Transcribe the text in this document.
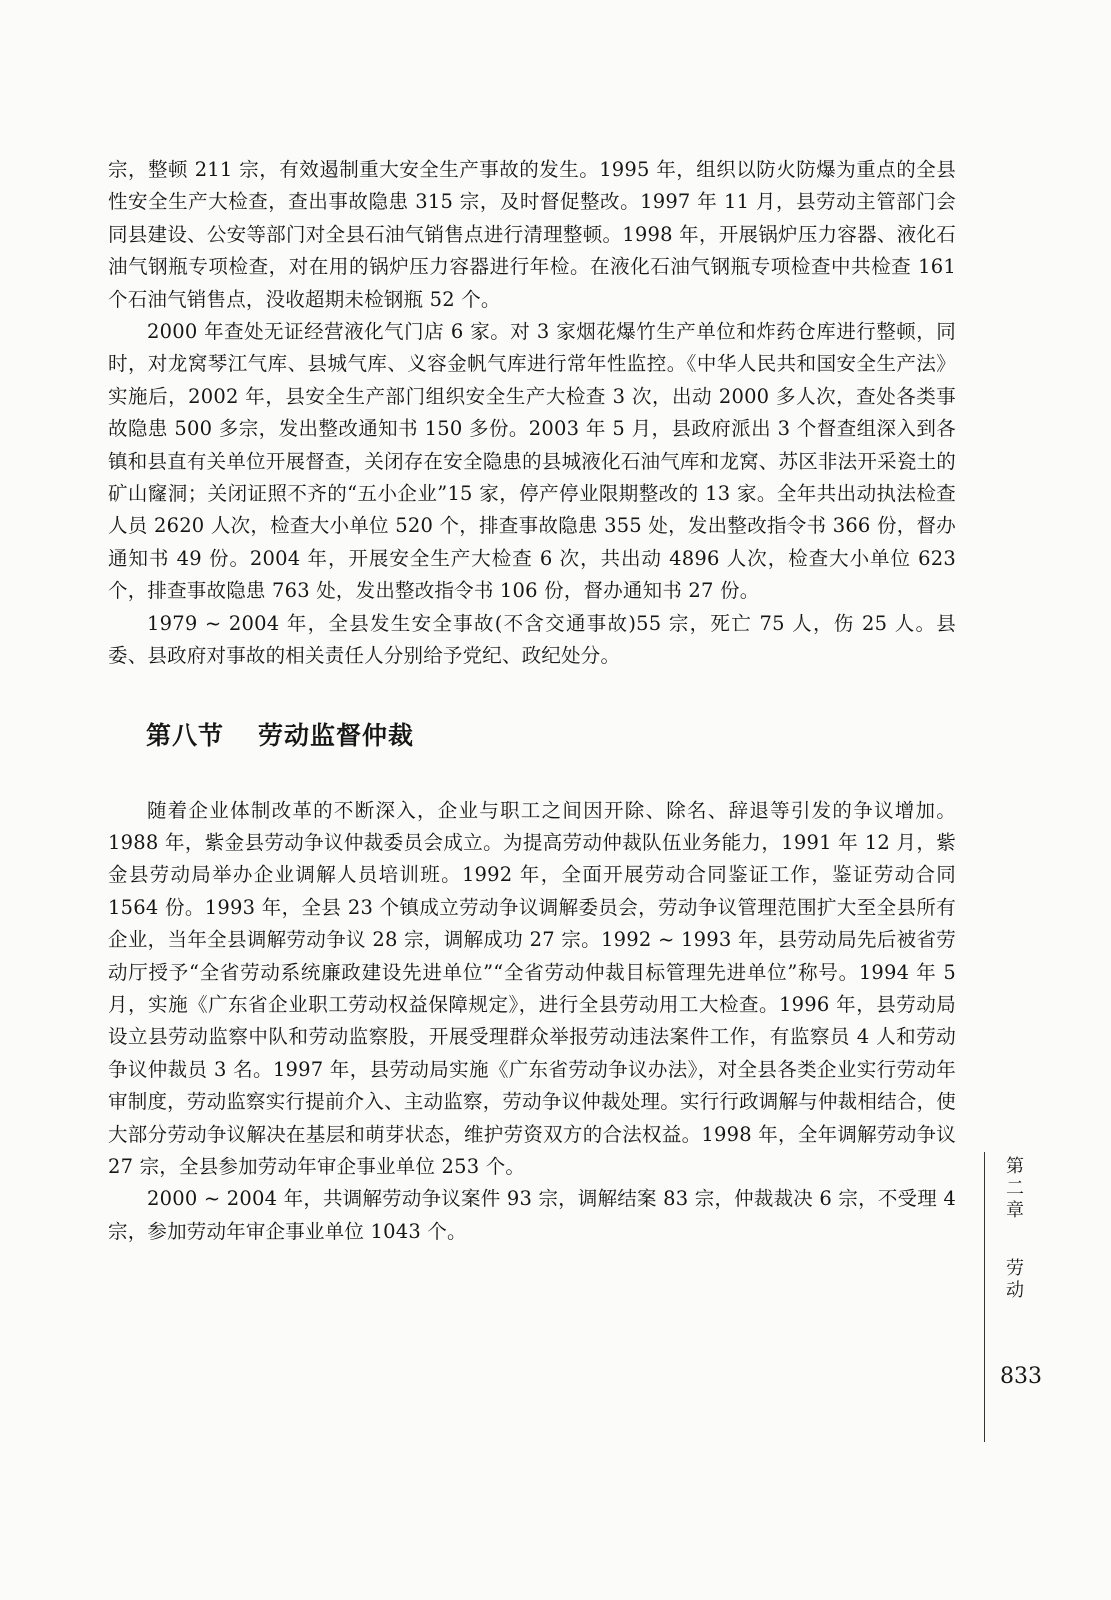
宗，整顿 211 宗，有效遏制重大安全生产事故的发生。1995 年，组织以防火防爆为重点的全县性安全生产大检查，查出事故隐患 315 宗，及时督促整改。1997 年 11 月，县劳动主管部门会同县建设、公安等部门对全县石油气销售点进行清理整顿。1998 年，开展锅炉压力容器、液化石油气钢瓶专项检查，对在用的锅炉压力容器进行年检。在液化石油气钢瓶专项检查中共检查 161 个石油气销售点，没收超期未检钢瓶 52 个。

2000 年查处无证经营液化气门店 6 家。对 3 家烟花爆竹生产单位和炸药仓库进行整顿，同时，对龙窝琴江气库、县城气库、义容金帆气库进行常年性监控。《中华人民共和国安全生产法》实施后，2002 年，县安全生产部门组织安全生产大检查 3 次，出动 2000 多人次，查处各类事故隐患 500 多宗，发出整改通知书 150 多份。2003 年 5 月，县政府派出 3 个督查组深入到各镇和县直有关单位开展督查，关闭存在安全隐患的县城液化石油气库和龙窝、苏区非法开采瓷土的矿山窿洞；关闭证照不齐的“五小企业”15 家，停产停业限期整改的 13 家。全年共出动执法检查人员 2620 人次，检查大小单位 520 个，排查事故隐患 355 处，发出整改指令书 366 份，督办通知书 49 份。2004 年，开展安全生产大检查 6 次，共出动 4896 人次，检查大小单位 623 个，排查事故隐患 763 处，发出整改指令书 106 份，督办通知书 27 份。

1979 ~ 2004 年，全县发生安全事故(不含交通事故)55 宗，死亡 75 人，伤 25 人。县委、县政府对事故的相关责任人分别给予党纪、政纪处分。

第八节 劳动监督仲裁

随着企业体制改革的不断深入，企业与职工之间因开除、除名、辞退等引发的争议增加。1988 年，紫金县劳动争议仲裁委员会成立。为提高劳动仲裁队伍业务能力，1991 年 12 月，紫金县劳动局举办企业调解人员培训班。1992 年，全面开展劳动合同鉴证工作，鉴证劳动合同 1564 份。1993 年，全县 23 个镇成立劳动争议调解委员会，劳动争议管理范围扩大至全县所有企业，当年全县调解劳动争议 28 宗，调解成功 27 宗。1992 ~ 1993 年，县劳动局先后被省劳动厅授予“全省劳动系统廉政建设先进单位”“全省劳动仲裁目标管理先进单位”称号。1994 年 5 月，实施《广东省企业职工劳动权益保障规定》，进行全县劳动用工大检查。1996 年，县劳动局设立县劳动监察中队和劳动监察股，开展受理群众举报劳动违法案件工作，有监察员 4 人和劳动争议仲裁员 3 名。1997 年，县劳动局实施《广东省劳动争议办法》，对全县各类企业实行劳动年审制度，劳动监察实行提前介入、主动监察，劳动争议仲裁处理。实行行政调解与仲裁相结合，使大部分劳动争议解决在基层和萌芽状态，维护劳资双方的合法权益。1998 年，全年调解劳动争议 27 宗，全县参加劳动年审企事业单位 253 个。

2000 ~ 2004 年，共调解劳动争议案件 93 宗，调解结案 83 宗，仲裁裁决 6 宗，不受理 4 宗，参加劳动年审企事业单位 1043 个。

第二章
劳动
833
